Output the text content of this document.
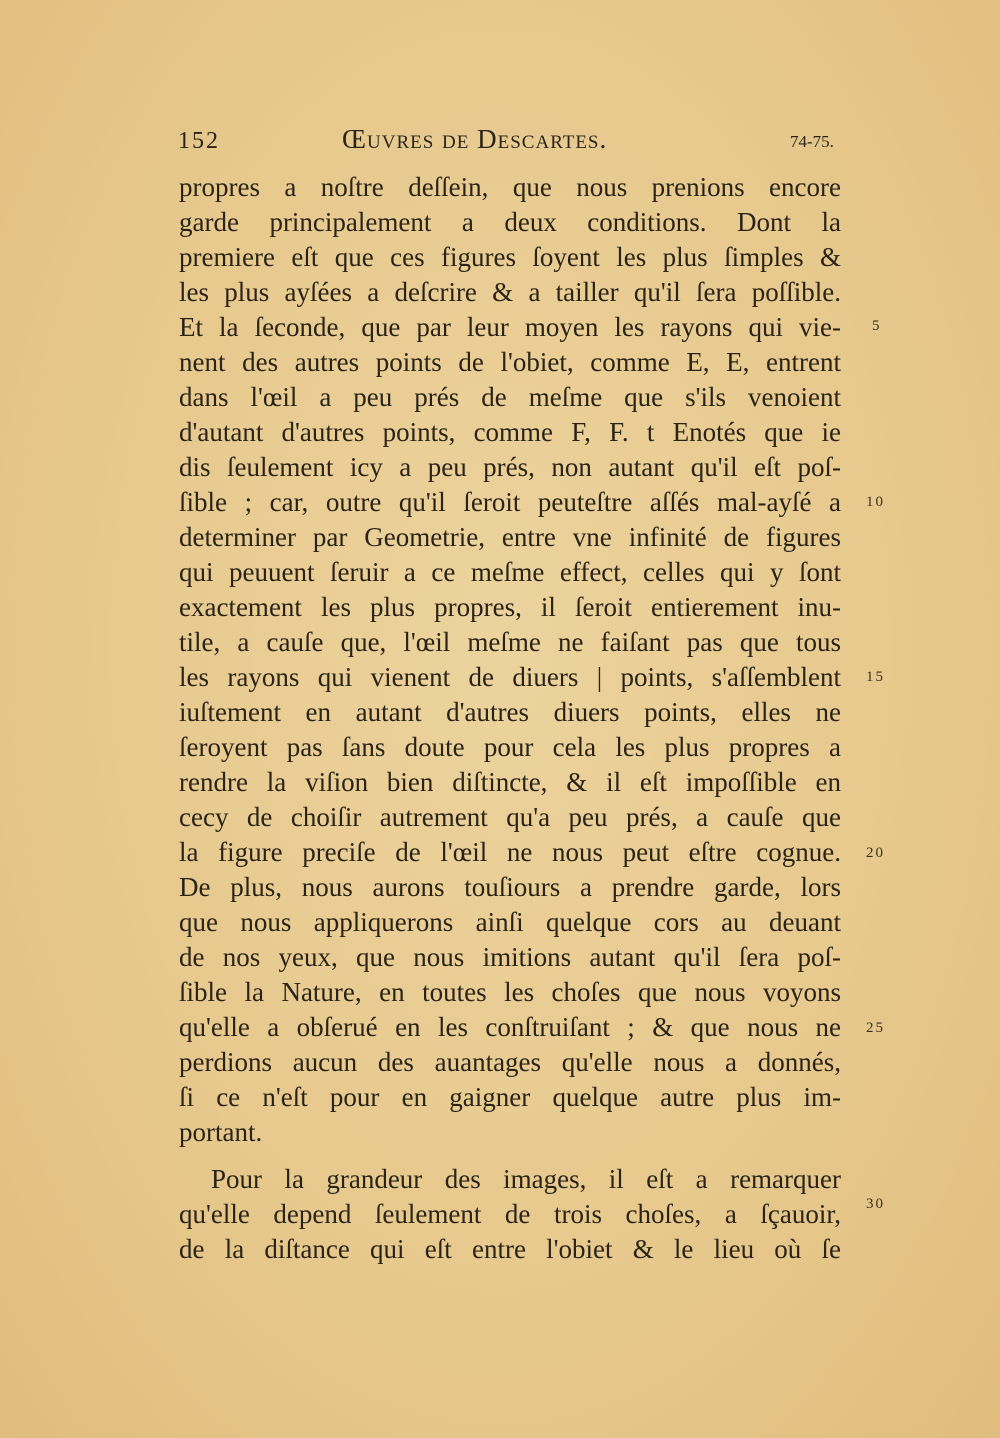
152	Œuvres de Descartes.	74-75.
propres a noſtre deſſein, que nous prenions encore
garde principalement a deux conditions. Dont la
premiere eſt que ces figures ſoyent les plus ſimples &
les plus ayſées a deſcrire & a tailler qu'il ſera poſſible.
Et la ſeconde, que par leur moyen les rayons qui vie-
nent des autres points de l'obiet, comme E, E, entrent
dans l'œil a peu prés de meſme que s'ils venoient
d'autant d'autres points, comme F, F. t Enotés que ie
dis ſeulement icy a peu prés, non autant qu'il eſt poſ-
ſible ; car, outre qu'il ſeroit peuteſtre aſſés mal-ayſé a
determiner par Geometrie, entre vne infinité de figures
qui peuuent ſeruir a ce meſme effect, celles qui y ſont
exactement les plus propres, il ſeroit entierement inu-
tile, a cauſe que, l'œil meſme ne faiſant pas que tous
les rayons qui vienent de diuers | points, s'aſſemblent
iuſtement en autant d'autres diuers points, elles ne
ſeroyent pas ſans doute pour cela les plus propres a
rendre la viſion bien diſtincte, & il eſt impoſſible en
cecy de choiſir autrement qu'a peu prés, a cauſe que
la figure preciſe de l'œil ne nous peut eſtre cognue.
De plus, nous aurons touſiours a prendre garde, lors
que nous appliquerons ainſi quelque cors au deuant
de nos yeux, que nous imitions autant qu'il ſera poſ-
ſible la Nature, en toutes les choſes que nous voyons
qu'elle a obſerué en les conſtruiſant ; & que nous ne
perdions aucun des auantages qu'elle nous a donnés,
ſi ce n'eſt pour en gaigner quelque autre plus im-
portant.
Pour la grandeur des images, il eſt a remarquer
qu'elle depend ſeulement de trois choſes, a ſçauoir,
de la diſtance qui eſt entre l'obiet & le lieu où ſe
5
10
15
20
25
30
